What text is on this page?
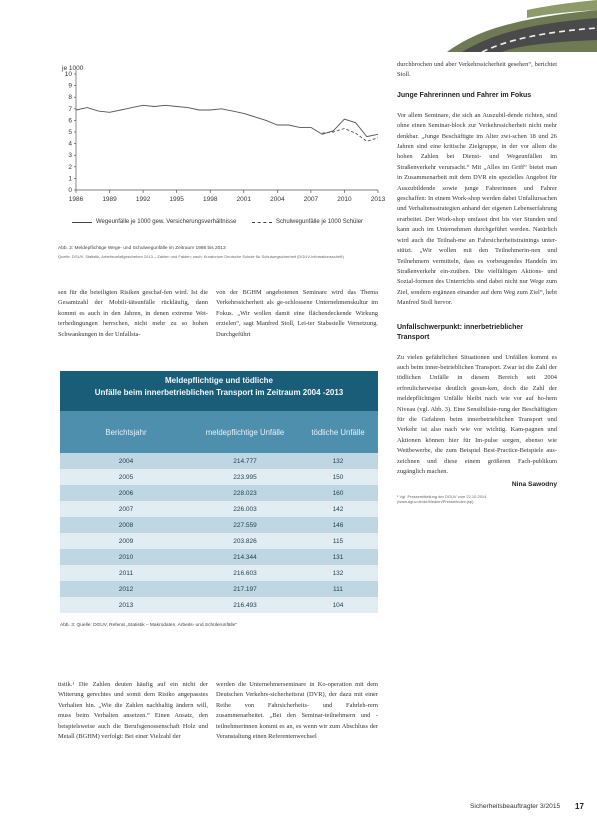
je 1000
10
9
8
7
6
5
4
3
2
1
0
1986	1989	1992	1995	1998	2001	2004	2007	2010	2013
Wegeunfälle je 1000 gew. Versicherungsverhältnisse	Schulwegunfälle je 1000 Schüler
Abb. 2: Meldepflichtige Wege- und Schulwegunfälle im Zeitraum 1986 bis 2013
Quelle: DGUV, Statistik, Arbeitsunfallgeschehen 2013 – Zahlen und Fakten; nach: Kuratorium Deutsche Schule für Schulwegsicherheit (DGUV-Infomationsschrift)
sen für die beteiligten Risiken geschaf-fen wird. Ist die Gesamtzahl der Mobili-tätsunfälle rückläufig, dann kommt es auch in den Jahren, in denen extreme Wet-terbedingungen herrschen, nicht mehr zu so hohen Schwankungen in der Unfallsta-
von der BGHM angebotenen Seminare wird das Thema Verkehrssicherheit als ge-schlossene Unternehmenskultur im Fokus. „Wir wollen damit eine flächendeckende Wirkung erzielen“, sagt Manfred Stoll, Lei-ter Stabsstelle Vernetzung. Durchgeführt
Meldepflichtige und tödliche
Unfälle beim innerbetrieblichen Transport im Zeitraum 2004 -2013
Berichtsjahr	meldepflichtige Unfälle	tödliche Unfälle
2004	214.777	132
2005	223.995	150
2006	228.023	160
2007	226.003	142
2008	227.559	146
2009	203.826	115
2010	214.344	131
2011	216.603	132
2012	217.197	111
2013	216.493	104
Abb. 3: Quelle: DGUV, Referat „Statistik – Makrodaten, Arbeits- und Schülerunfälle“
tistik.¹ Die Zahlen deuten häufig auf ein nicht der Witterung gerechtes und somit dem Risiko angepasstes Verhalten hin. „Wie die Zahlen nachhaltig ändern will, muss beim Verhalten ansetzen.“ Einen Ansatz, den beispielsweise auch die Berufsgenossenschaft Holz und Metall (BGHM) verfolgt: Bei einer Vielzahl der
werden die Unternehmerseminare in Ko-operation mit dem Deutschen Verkehrs-sicherheitsrat (DVR), der dazu mit einer Reihe von Fahrsicherheits- und Fahrleh-rern zusammenarbeitet. „Bei den Seminar-teilnehmern und -teilnehmerinnen kommt es an, es wenn wir zum Abschluss der Veranstaltung einen Referentenwechsel
durchbrochen und aber Verkehrssicherheit gesehen“, berichtet Stoll.
Junge Fahrerinnen und Fahrer im Fokus
Vor allem Seminare, die sich an Auszubil-dende richten, sind ohne einen Seminar-block zur Verkehrssicherheit nicht mehr denkbar. „Junge Beschäftigte im Alter zwi-schen 18 und 26 Jahren sind eine kritische Zielgruppe, in der vor allem die hohen Zahlen bei Dienst- und Wegeunfällen im Straßenverkehr verursacht.“ Mit „Alles im Griff“ bietet man in Zusammenarbeit mit dem DVR ein spezielles Angebot für Auszubildende sowie junge Fahrerinnen und Fahrer geschaffen: In einem Work-shop werden dabei Unfallursachen und Verhaltensstrategien anhand der eigenen Lebenserfahrung erarbeitet. Der Work-shop umfasst drei bis vier Stunden und kann auch im Unternehmen durchgeführt werden. Natürlich wird auch die Teilnah-me an Fahrsicherheitstrainings unter-stützt. „Wir wollen mit den Teilnehmerin-nen und Teilnehmern vermitteln, dass es vorbeugendes Handeln im Straßenverkehr ein-zuüben. Die vielfältigen Aktions- und Sozial-formen des Unterrichts sind dabei nicht nur Wege zum Ziel, sondern ergänzen einander auf dem Weg zum Ziel“, hebt Manfred Stoll hervor.
Unfallschwerpunkt: innerbetrieblicher Transport
Zu vielen gefährlichen Situationen und Unfällen kommt es auch beim inner-betrieblichen Transport. Zwar ist die Zahl der tödlichen Unfälle in diesem Bereich seit 2004 erfreulicherweise deutlich gesun-ken, doch die Zahl der meldepflichtigen Unfälle bleibt nach wie vor auf ho-hem Niveau (vgl. Abb. 3). Eine Sensibilisie-rung der Beschäftigten für die Gefahren beim innerbetrieblichen Transport und Verkehr ist also nach wie vor wichtig. Kam-pagnen und Aktionen können hier für Im-pulse sorgen, ebenso wie Wettbewerbe, die zum Beispiel Best-Practice-Beispiele aus-zeichnen und diese einem größeren Fach-publikum zugänglich machen.
Nina Sawodny
¹ Vgl. Pressemitteilung der DGUV vom 22.10.2014 (www.dguv.de/de/Medien/Presse/index.jsp)
Sicherheitsbeauftragter 3/2015 17
